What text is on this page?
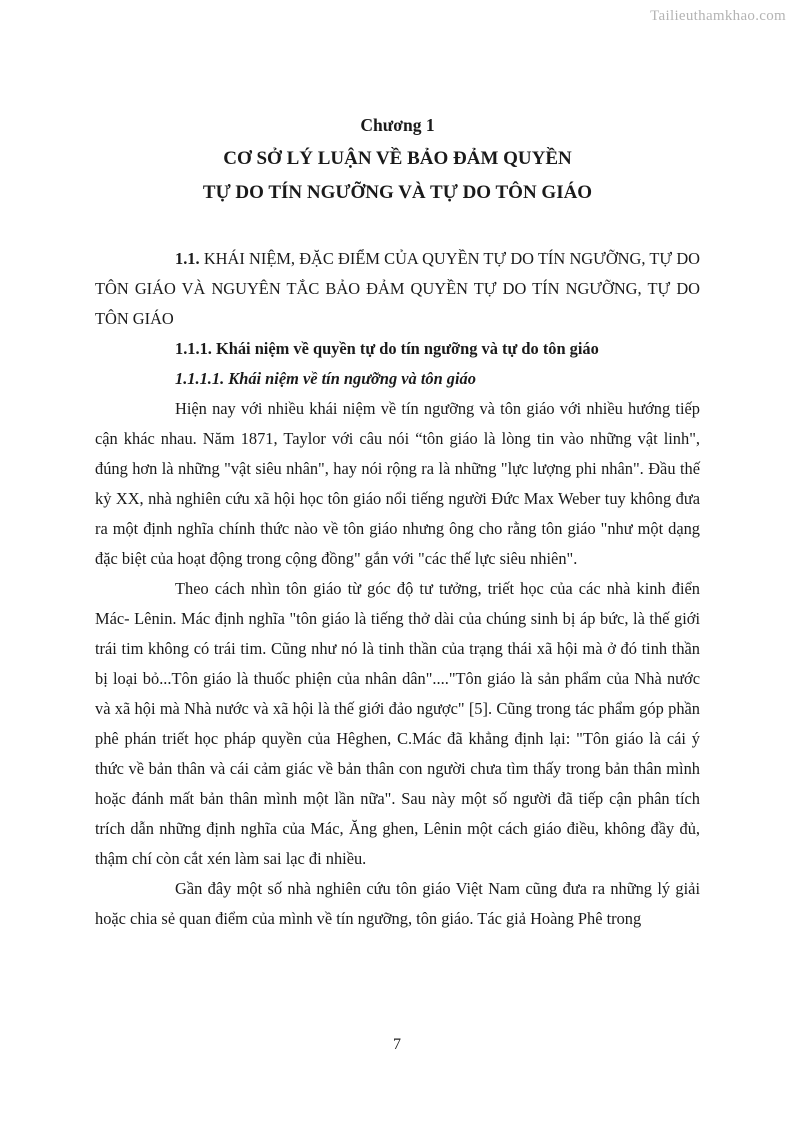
Tailieuthamkhao.com
Chương 1
CƠ SỞ LÝ LUẬN VỀ BẢO ĐẢM QUYỀN
TỰ DO TÍN NGƯỠNG VÀ TỰ DO TÔN GIÁO

1.1. KHÁI NIỆM, ĐẶC ĐIỂM CỦA QUYỀN TỰ DO TÍN NGƯỠNG, TỰ DO TÔN GIÁO VÀ NGUYÊN TẮC BẢO ĐẢM QUYỀN TỰ DO TÍN NGƯỠNG, TỰ DO TÔN GIÁO

1.1.1. Khái niệm về quyền tự do tín ngưỡng và tự do tôn giáo

1.1.1.1. Khái niệm về tín ngưỡng và tôn giáo

Hiện nay với nhiều khái niệm về tín ngưỡng và tôn giáo với nhiều hướng tiếp cận khác nhau. Năm 1871, Taylor với câu nói “tôn giáo là lòng tin vào những vật linh", đúng hơn là những "vật siêu nhân", hay nói rộng ra là những "lực lượng phi nhân". Đầu thế kỷ XX, nhà nghiên cứu xã hội học tôn giáo nổi tiếng người Đức Max Weber tuy không đưa ra một định nghĩa chính thức nào về tôn giáo nhưng ông cho rằng tôn giáo "như một dạng đặc biệt của hoạt động trong cộng đồng" gắn với "các thế lực siêu nhiên".

Theo cách nhìn tôn giáo từ góc độ tư tưởng, triết học của các nhà kinh điển Mác- Lênin. Mác định nghĩa "tôn giáo là tiếng thở dài của chúng sinh bị áp bức, là thế giới trái tim không có trái tim. Cũng như nó là tinh thần của trạng thái xã hội mà ở đó tinh thần bị loại bỏ...Tôn giáo là thuốc phiện của nhân dân"...."Tôn giáo là sản phẩm của Nhà nước và xã hội mà Nhà nước và xã hội là thế giới đảo ngược" [5]. Cũng trong tác phẩm góp phần phê phán triết học pháp quyền của Hêghen, C.Mác đã khẳng định lại: "Tôn giáo là cái ý thức về bản thân và cái cảm giác về bản thân con người chưa tìm thấy trong bản thân mình hoặc đánh mất bản thân mình một lần nữa". Sau này một số người đã tiếp cận phân tích trích dẫn những định nghĩa của Mác, Ăng ghen, Lênin một cách giáo điều, không đầy đủ, thậm chí còn cắt xén làm sai lạc đi nhiều.

Gần đây một số nhà nghiên cứu tôn giáo Việt Nam cũng đưa ra những lý giải hoặc chia sẻ quan điểm của mình về tín ngưỡng, tôn giáo. Tác giả Hoàng Phê trong

7
